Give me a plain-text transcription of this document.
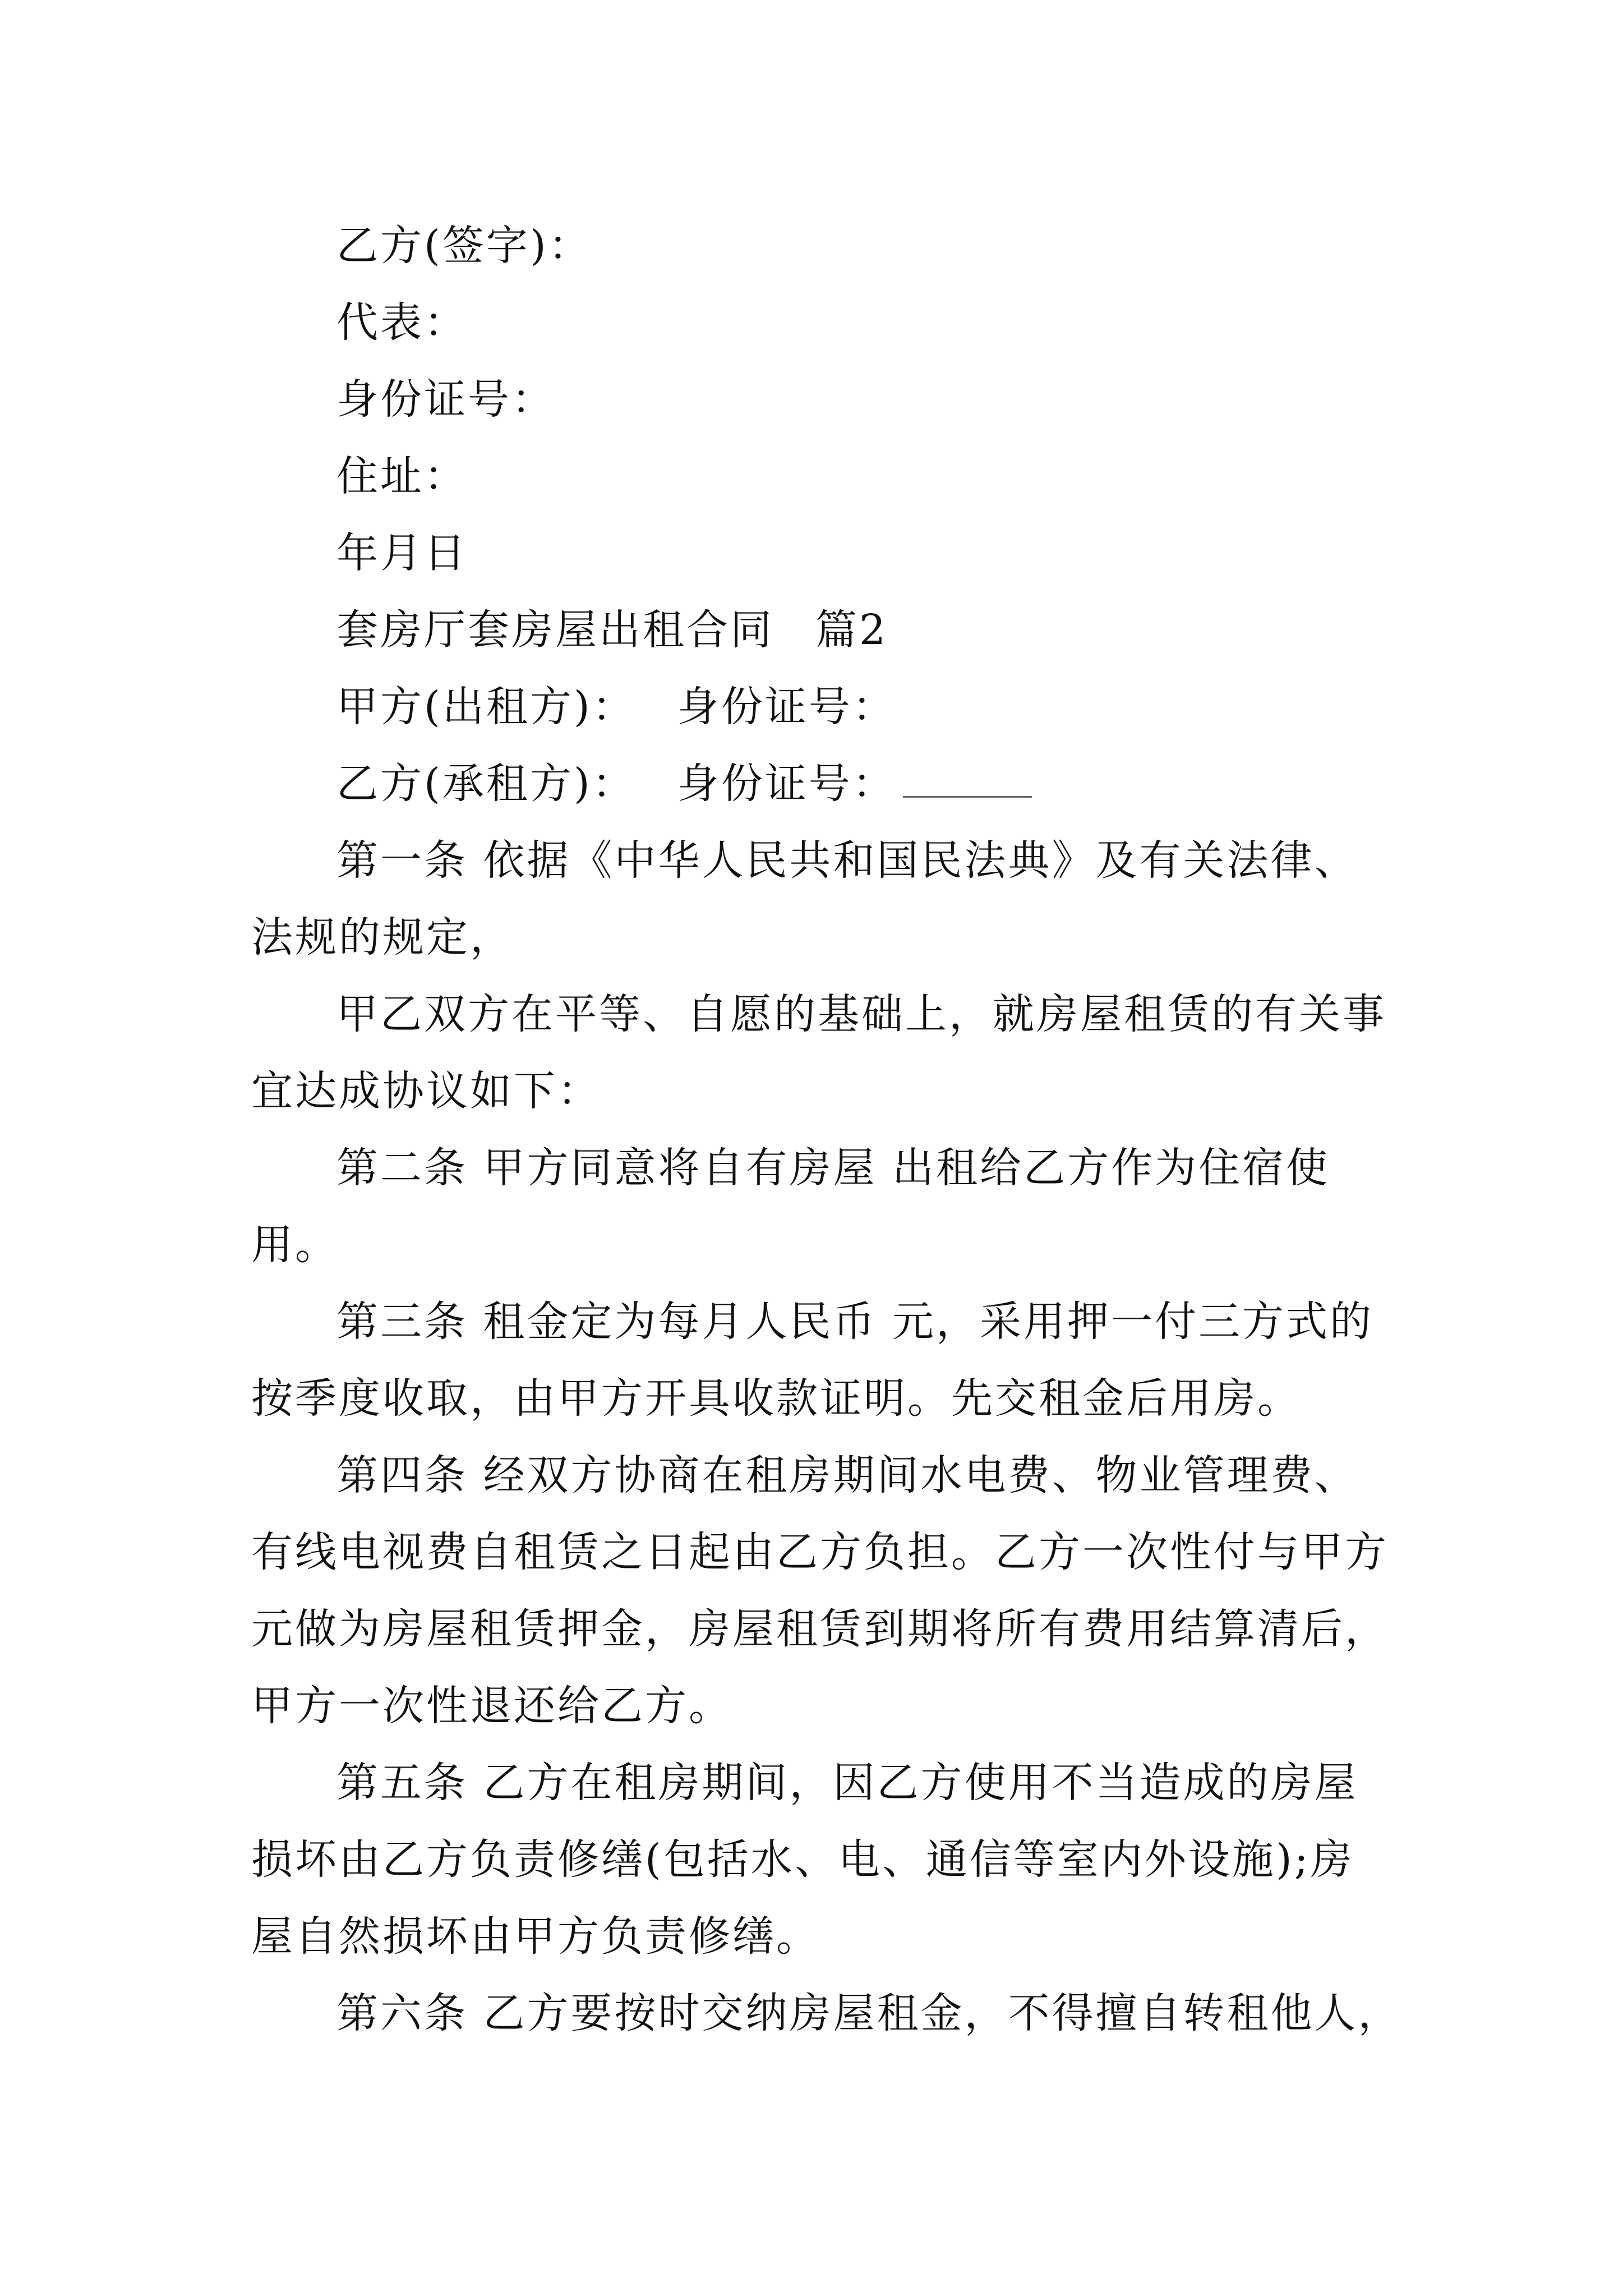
乙方(签字)：
代表：
身份证号：
住址：
年月日
套房厅套房屋出租合同 篇2
甲方(出租方)： 身份证号：
乙方(承租方)： 身份证号：
第一条 依据《中华人民共和国民法典》及有关法律、
法规的规定，
甲乙双方在平等、自愿的基础上，就房屋租赁的有关事
宜达成协议如下：
第二条 甲方同意将自有房屋 出租给乙方作为住宿使
用。
第三条 租金定为每月人民币 元，采用押一付三方式的
按季度收取，由甲方开具收款证明。先交租金后用房。
第四条 经双方协商在租房期间水电费、物业管理费、
有线电视费自租赁之日起由乙方负担。乙方一次性付与甲方
元做为房屋租赁押金，房屋租赁到期将所有费用结算清后，
甲方一次性退还给乙方。
第五条 乙方在租房期间，因乙方使用不当造成的房屋
损坏由乙方负责修缮(包括水、电、通信等室内外设施);房
屋自然损坏由甲方负责修缮。
第六条 乙方要按时交纳房屋租金，不得擅自转租他人，
